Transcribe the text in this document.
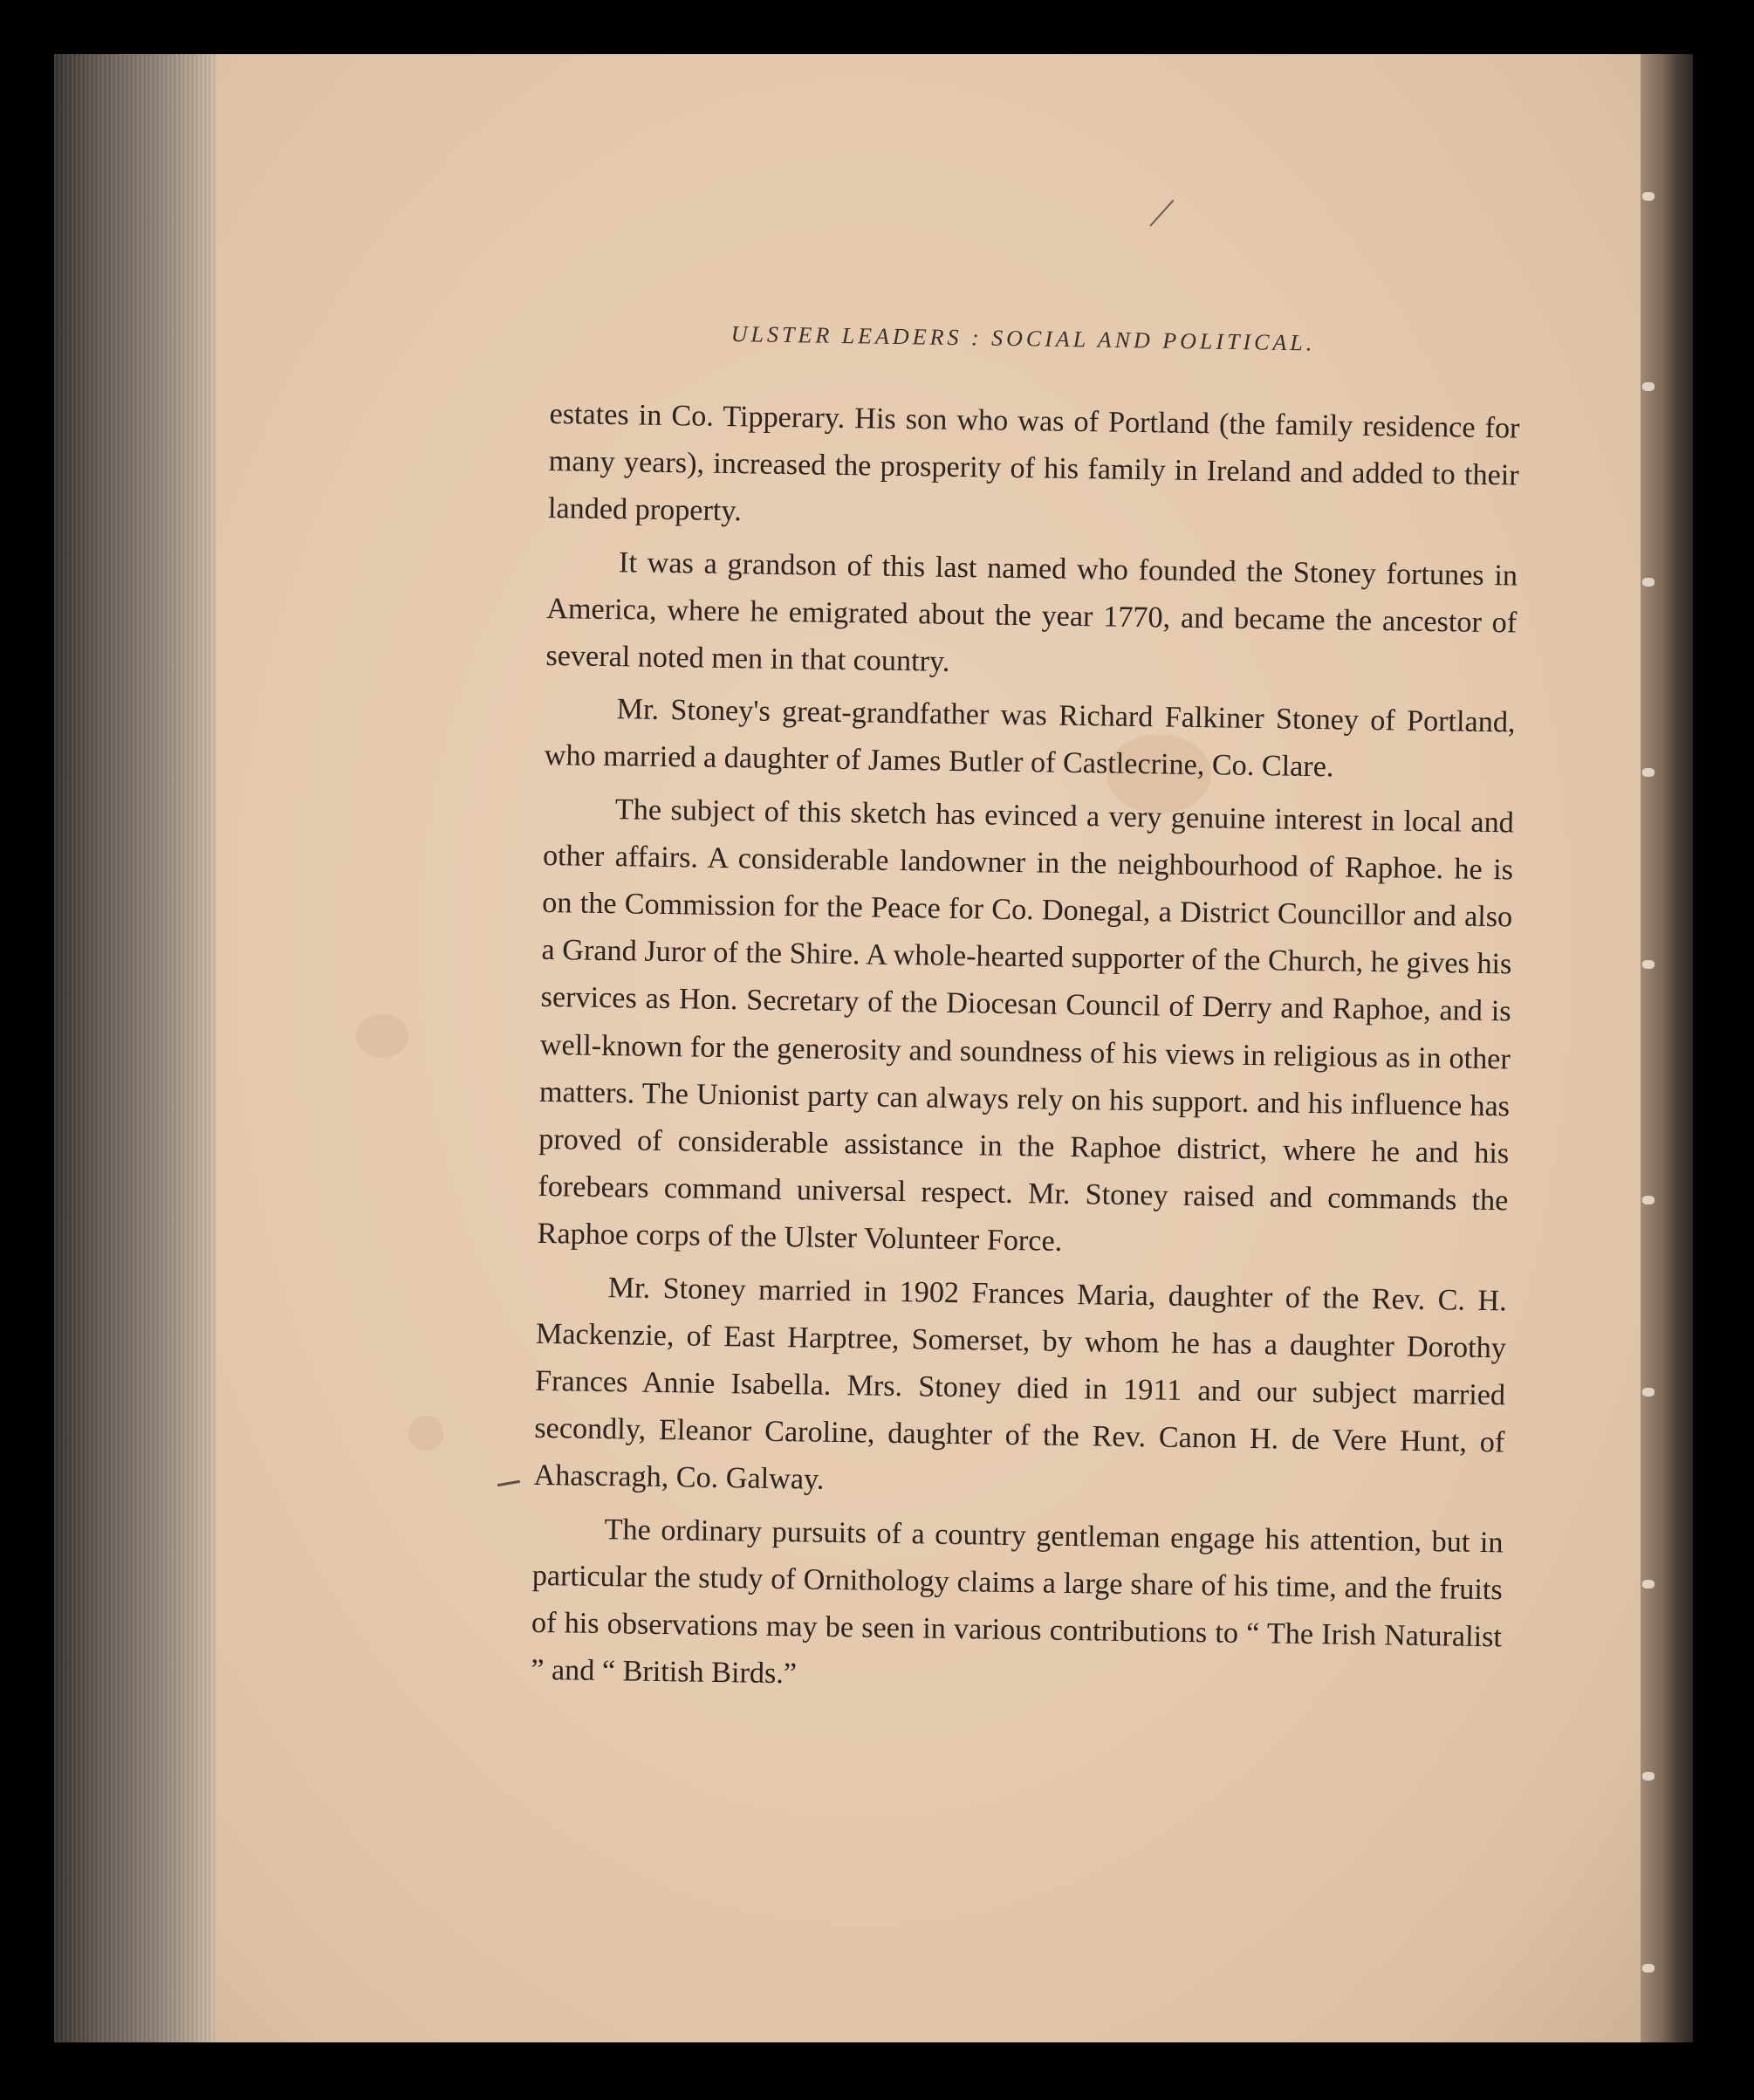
ULSTER LEADERS : SOCIAL AND POLITICAL.

estates in Co. Tipperary. His son who was of Portland (the family residence for many years), increased the prosperity of his family in Ireland and added to their landed property.

It was a grandson of this last named who founded the Stoney fortunes in America, where he emigrated about the year 1770, and became the ancestor of several noted men in that country.

Mr. Stoney's great-grandfather was Richard Falkiner Stoney of Portland, who married a daughter of James Butler of Castlecrine, Co. Clare.

The subject of this sketch has evinced a very genuine interest in local and other affairs. A considerable landowner in the neighbourhood of Raphoe. he is on the Commission for the Peace for Co. Donegal, a District Councillor and also a Grand Juror of the Shire. A whole-hearted supporter of the Church, he gives his services as Hon. Secretary of the Diocesan Council of Derry and Raphoe, and is well-known for the generosity and soundness of his views in religious as in other matters. The Unionist party can always rely on his support. and his influence has proved of considerable assistance in the Raphoe district, where he and his forebears command universal respect. Mr. Stoney raised and commands the Raphoe corps of the Ulster Volunteer Force.

Mr. Stoney married in 1902 Frances Maria, daughter of the Rev. C. H. Mackenzie, of East Harptree, Somerset, by whom he has a daughter Dorothy Frances Annie Isabella. Mrs. Stoney died in 1911 and our subject married secondly, Eleanor Caroline, daughter of the Rev. Canon H. de Vere Hunt, of Ahascragh, Co. Galway.

The ordinary pursuits of a country gentleman engage his attention, but in particular the study of Ornithology claims a large share of his time, and the fruits of his observations may be seen in various contributions to “ The Irish Naturalist ” and “ British Birds.”
